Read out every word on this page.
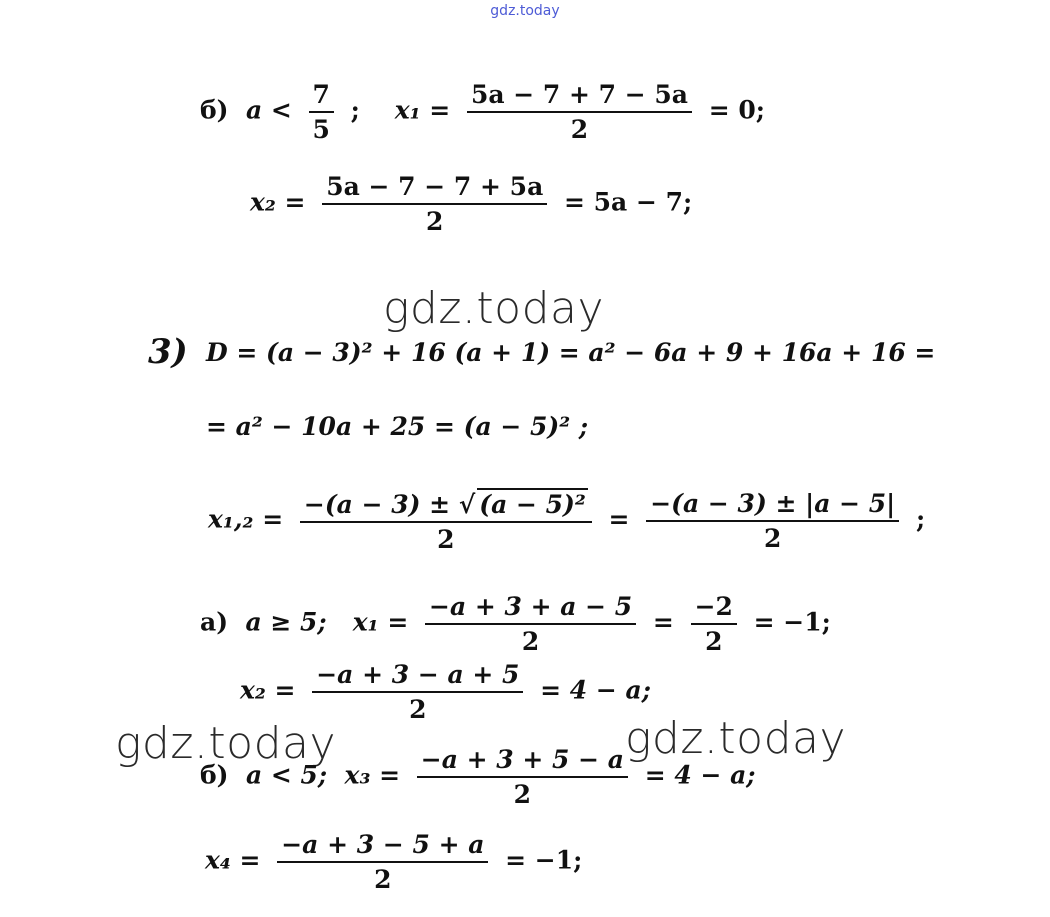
gdz.today
б) $a < \frac{7}{5}$ ; $x_1 = \frac{5a - 7 + 7 - 5a}{2} = 0$;
$x_2 = \frac{5a - 7 - 7 + 5a}{2} = 5a - 7$;
gdz.today
3) D = (a − 3)² + 16 (a + 1) = a² − 6a + 9 + 16a + 16 =
= a² − 10a + 25 = (a − 5)² ;
$x_1,_2 = \frac{\text{−(a − 3) ± √ (a − 5)²}}{2} = \frac{-(a - 3) \pm |a - 5|}{2}$ ;
а) a ≥ 5; $x_1 = \frac{-a + 3 + a - 5}{2} = \frac{-2}{2} = -1$;
$x_2 = \frac{-a + 3 - a + 5}{2} = 4 - a$;
gdz.today	gdz.today
б) a < 5; $x_3 = \frac{-a + 3 + 5 - a}{2} = 4 - a$;
$x_4 = \frac{-a + 3 - 5 + a}{2} = -1$;
